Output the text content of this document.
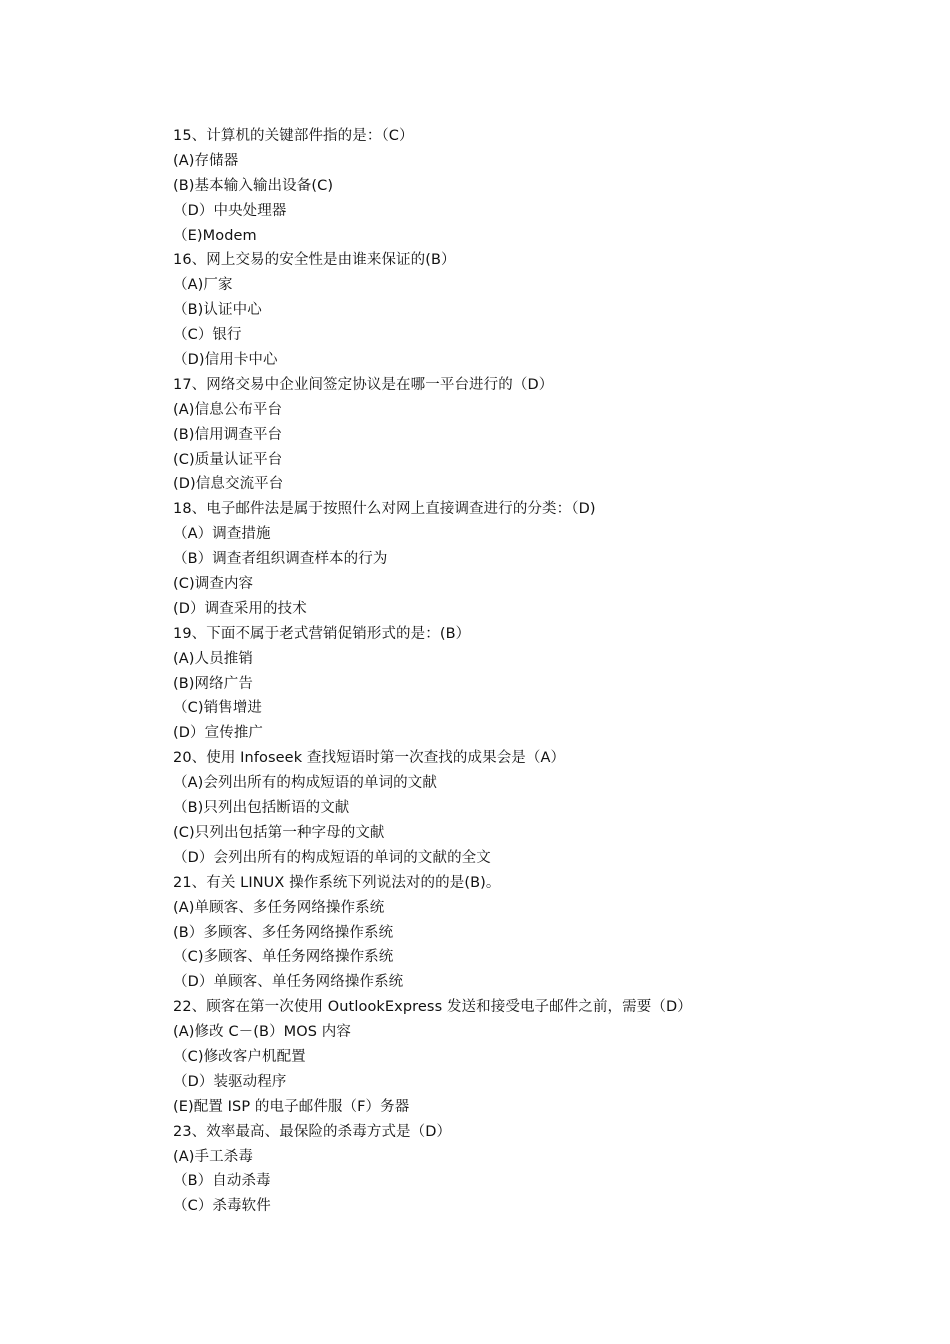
15、计算机的关键部件指的是：（C）
(A)存储器
(B)基本输入输出设备(C)
（D）中央处理器
（E)Modem
16、网上交易的安全性是由谁来保证的(B）
（A)厂家
（B)认证中心
（C）银行
（D)信用卡中心
17、网络交易中企业间签定协议是在哪一平台进行的（D）
(A)信息公布平台
(B)信用调查平台
(C)质量认证平台
(D)信息交流平台
18、电子邮件法是属于按照什么对网上直接调查进行的分类：（D)
（A）调查措施
（B）调查者组织调查样本的行为
(C)调查内容
(D）调查采用的技术
19、下面不属于老式营销促销形式的是：(B）
(A)人员推销
(B)网络广告
（C)销售增进
(D）宣传推广
20、使用 Infoseek 查找短语时第一次查找的成果会是（A）
（A)会列出所有的构成短语的单词的文献
（B)只列出包括断语的文献
(C)只列出包括第一种字母的文献
（D）会列出所有的构成短语的单词的文献的全文
21、有关 LINUX 操作系统下列说法对的的是(B)。
(A)单顾客、多任务网络操作系统
(B）多顾客、多任务网络操作系统
（C)多顾客、单任务网络操作系统
（D）单顾客、单任务网络操作系统
22、顾客在第一次使用 OutlookExpress 发送和接受电子邮件之前，需要（D）
(A)修改 C－(B）MOS 内容
（C)修改客户机配置
（D）装驱动程序
(E)配置 ISP 的电子邮件服（F）务器
23、效率最高、最保险的杀毒方式是（D）
(A)手工杀毒
（B）自动杀毒
（C）杀毒软件
